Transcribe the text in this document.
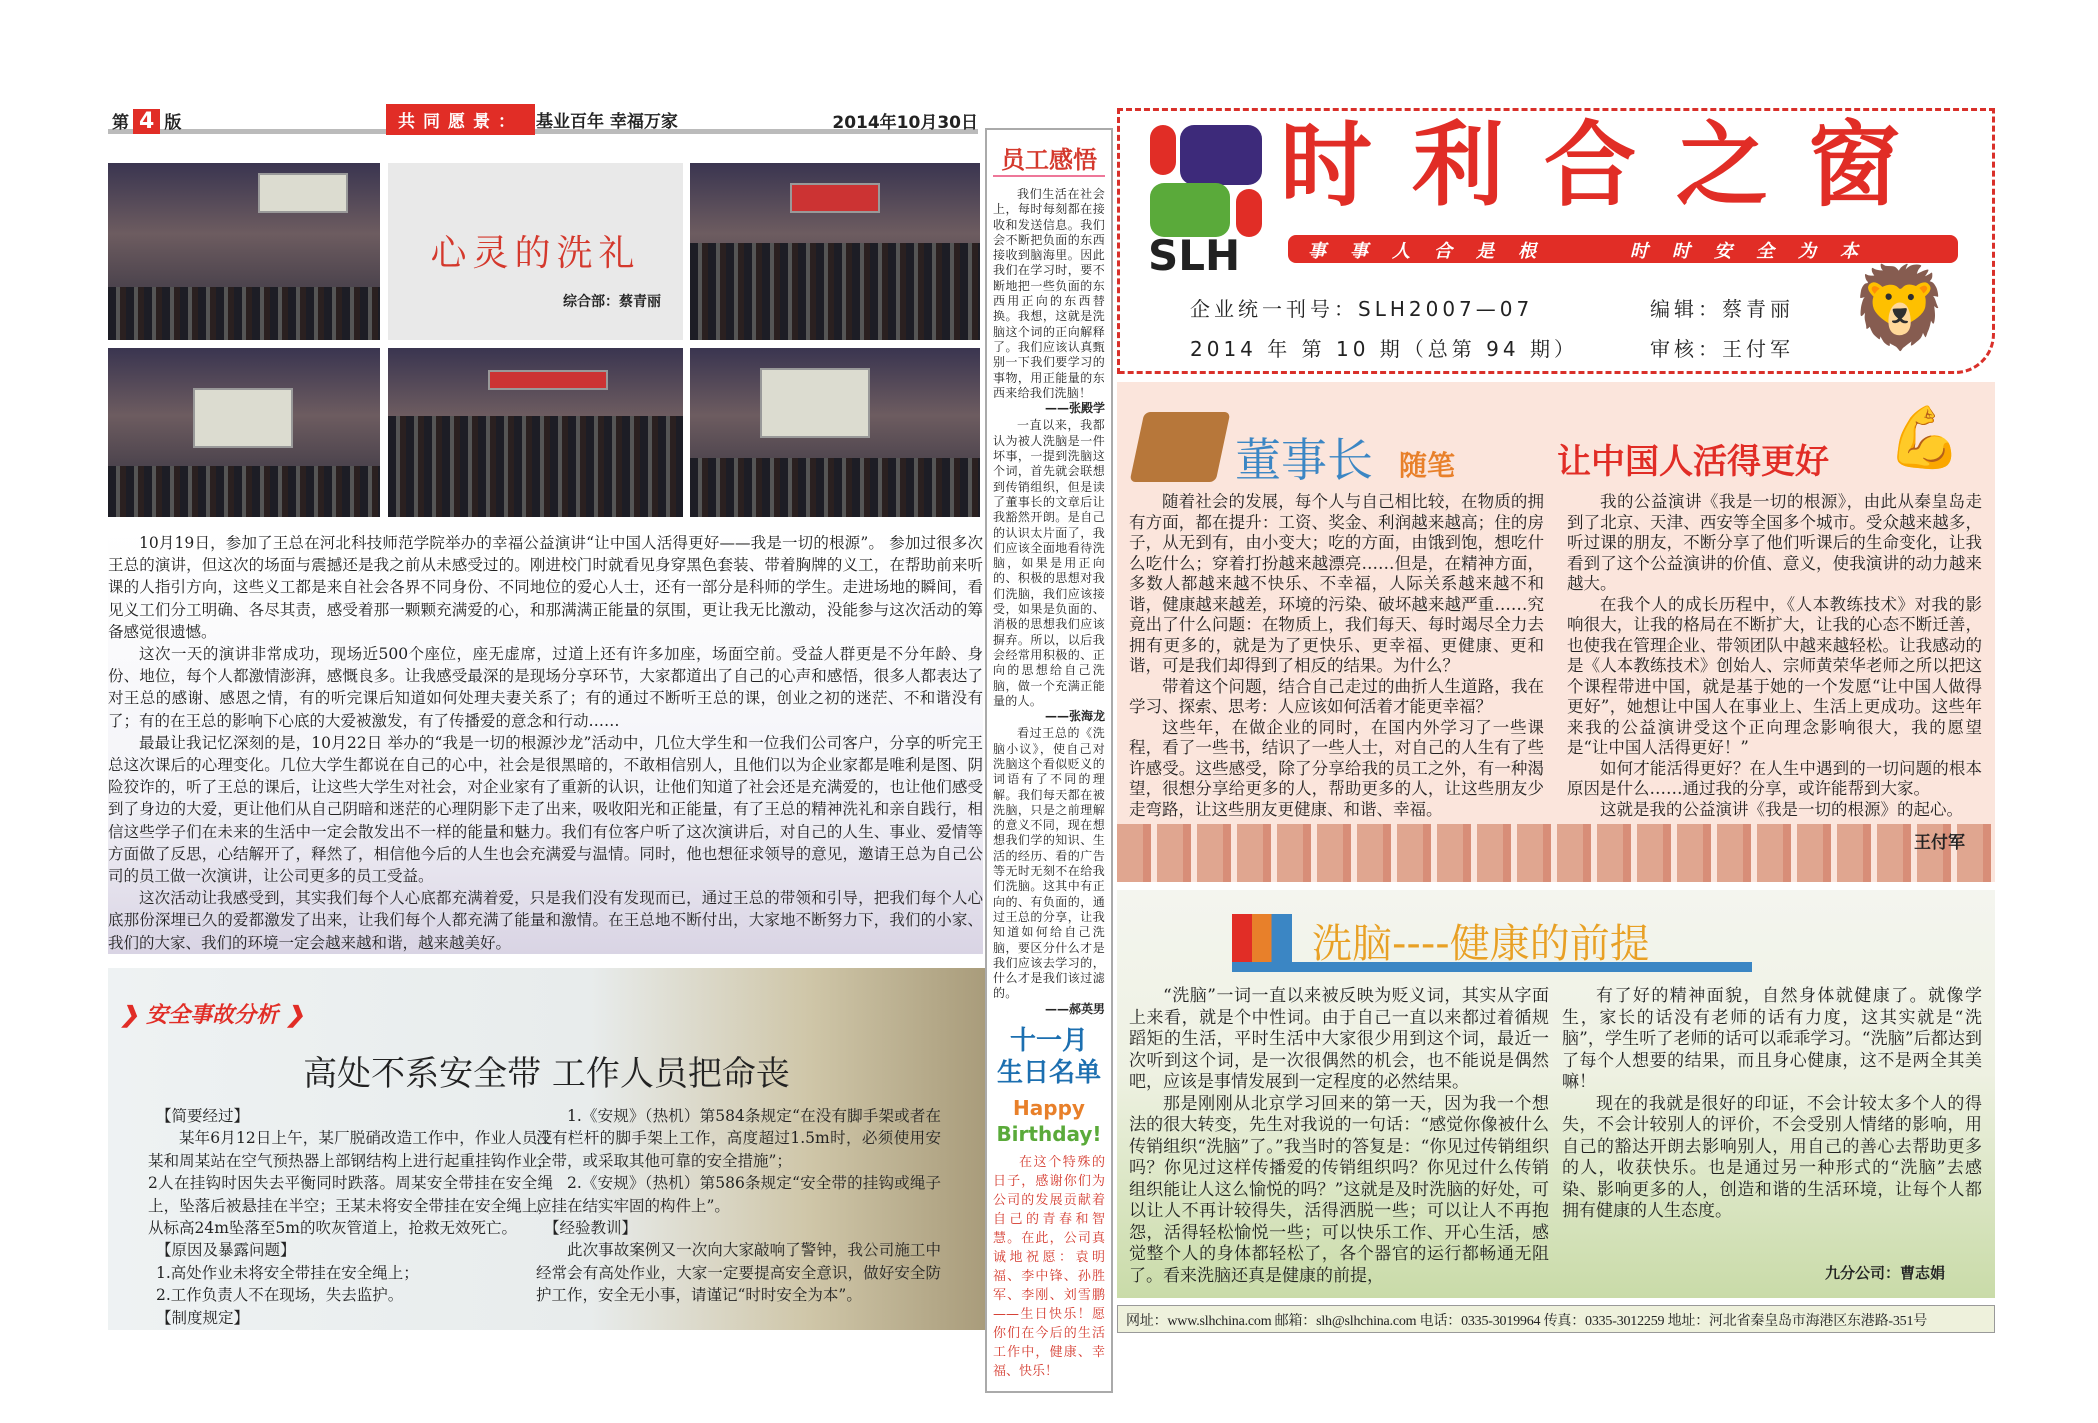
第 4 版	共同愿景： 基业百年 幸福万家	2014年10月30日
心灵的洗礼
综合部：蔡青丽

10月19日，参加了王总在河北科技师范学院举办的幸福公益演讲“让中国人活得更好——我是一切的根源”。 参加过很多次王总的演讲，但这次的场面与震撼还是我之前从未感受过的。刚进校门时就看见身穿黑色套装、带着胸牌的义工，在帮助前来听课的人指引方向，这些义工都是来自社会各界不同身份、不同地位的爱心人士，还有一部分是科师的学生。走进场地的瞬间，看见义工们分工明确、各尽其责，感受着那一颗颗充满爱的心，和那满满正能量的氛围，更让我无比激动，没能参与这次活动的筹备感觉很遗憾。

这次一天的演讲非常成功，现场近500个座位，座无虚席，过道上还有许多加座，场面空前。受益人群更是不分年龄、身份、地位，每个人都激情澎湃，感慨良多。让我感受最深的是现场分享环节，大家都道出了自己的心声和感悟，很多人都表达了对王总的感谢、感恩之情，有的听完课后知道如何处理夫妻关系了；有的通过不断听王总的课，创业之初的迷茫、不和谐没有了；有的在王总的影响下心底的大爱被激发，有了传播爱的意念和行动……

最最让我记忆深刻的是，10月22日 举办的“我是一切的根源沙龙”活动中，几位大学生和一位我们公司客户，分享的听完王总这次课后的心理变化。几位大学生都说在自己的心中，社会是很黑暗的，不敢相信别人，且他们以为企业家都是唯利是图、阴险狡诈的，听了王总的课后，让这些大学生对社会，对企业家有了重新的认识，让他们知道了社会还是充满爱的，也让他们感受到了身边的大爱，更让他们从自己阴暗和迷茫的心理阴影下走了出来，吸收阳光和正能量，有了王总的精神洗礼和亲自践行，相信这些学子们在未来的生活中一定会散发出不一样的能量和魅力。我们有位客户听了这次演讲后，对自己的人生、事业、爱情等方面做了反思，心结解开了，释然了，相信他今后的人生也会充满爱与温情。同时，他也想征求领导的意见，邀请王总为自己公司的员工做一次演讲，让公司更多的员工受益。

这次活动让我感受到，其实我们每个人心底都充满着爱，只是我们没有发现而已，通过王总的带领和引导，把我们每个人心底那份深埋已久的爱都激发了出来，让我们每个人都充满了能量和激情。在王总地不断付出，大家地不断努力下，我们的小家、我们的大家、我们的环境一定会越来越和谐，越来越美好。

❯ 安全事故分析 ❯
高处不系安全带 工作人员把命丧

【简要经过】

某年6月12日上午，某厂脱硝改造工作中，作业人员王某和周某站在空气预热器上部钢结构上进行起重挂钩作业，2人在挂钩时因失去平衡同时跌落。周某安全带挂在安全绳上，坠落后被悬挂在半空；王某未将安全带挂在安全绳上，从标高24m坠落至5m的吹灰管道上，抢救无效死亡。

【原因及暴露问题】

1.高处作业未将安全带挂在安全绳上；

2.工作负责人不在现场，失去监护。

【制度规定】

1.《安规》（热机）第584条规定“在没有脚手架或者在没有栏杆的脚手架上工作，高度超过1.5m时，必须使用安全带，或采取其他可靠的安全措施”；

2.《安规》（热机）第586条规定“安全带的挂钩或绳子应挂在结实牢固的构件上”。

【经验教训】

此次事故案例又一次向大家敲响了警钟，我公司施工中经常会有高处作业，大家一定要提高安全意识，做好安全防护工作，安全无小事，请谨记“时时安全为本”。

员工感悟

我们生活在社会上，每时每刻都在接收和发送信息。我们会不断把负面的东西接收到脑海里。因此我们在学习时，要不断地把一些负面的东西用正向的东西替换。我想，这就是洗脑这个词的正向解释了。我们应该认真甄别一下我们要学习的事物，用正能量的东西来给我们洗脑！

——张殿学

一直以来，我都认为被人洗脑是一件坏事，一提到洗脑这个词，首先就会联想到传销组织，但是读了董事长的文章后让我豁然开朗。是自己的认识太片面了，我们应该全面地看待洗脑，如果是用正向的、积极的思想对我们洗脑，我们应该接受，如果是负面的、消极的思想我们应该摒弃。所以，以后我会经常用积极的、正向的思想给自己洗脑，做一个充满正能量的人。

——张海龙

看过王总的《洗脑小议》，使自己对洗脑这个看似贬义的词语有了不同的理解。我们每天都在被洗脑，只是之前理解的意义不同，现在想想我们学的知识、生活的经历、看的广告等无时无刻不在给我们洗脑。这其中有正向的、有负面的，通过王总的分享，让我知道如何给自己洗脑，要区分什么才是我们应该去学习的，什么才是我们该过滤的。

——郝英男
十一月
生日名单
Happy
Birthday!

在这个特殊的日子，感谢你们为公司的发展贡献着自己的青春和智慧。在此，公司真诚地祝愿：袁明福、李中锋、孙胜军、李刚、刘雪鹏——生日快乐！愿你们在今后的生活工作中，健康、幸福、快乐！

SLH
时利合之窗
事事人合是根	时时安全为本
企业统一刊号：SLH2007—07
2014 年 第 10 期（总第 94 期）
编辑：蔡青丽
审核：王付军 🦁
董事长 随笔	让中国人活得更好 💪

随着社会的发展，每个人与自己相比较，在物质的拥有方面，都在提升：工资、奖金、利润越来越高；住的房子，从无到有，由小变大；吃的方面，由饿到饱，想吃什么吃什么；穿着打扮越来越漂亮……但是，在精神方面，多数人都越来越不快乐、不幸福，人际关系越来越不和谐，健康越来越差，环境的污染、破坏越来越严重……究竟出了什么问题：在物质上，我们每天、每时竭尽全力去拥有更多的，就是为了更快乐、更幸福、更健康、更和谐，可是我们却得到了相反的结果。为什么？

带着这个问题，结合自己走过的曲折人生道路，我在学习、探索、思考：人应该如何活着才能更幸福？

这些年，在做企业的同时，在国内外学习了一些课程，看了一些书，结识了一些人士，对自己的人生有了些许感受。这些感受，除了分享给我的员工之外，有一种渴望，很想分享给更多的人，帮助更多的人，让这些朋友少走弯路，让这些朋友更健康、和谐、幸福。

我的公益演讲《我是一切的根源》，由此从秦皇岛走到了北京、天津、西安等全国多个城市。受众越来越多，听过课的朋友，不断分享了他们听课后的生命变化，让我看到了这个公益演讲的价值、意义，使我演讲的动力越来越大。

在我个人的成长历程中，《人本教练技术》对我的影响很大，让我的格局在不断扩大，让我的心态不断迁善，也使我在管理企业、带领团队中越来越轻松。让我感动的是《人本教练技术》创始人、宗师黄荣华老师之所以把这个课程带进中国，就是基于她的一个发愿“让中国人做得更好”，她想让中国人在事业上、生活上更成功。这些年来我的公益演讲受这个正向理念影响很大，我的愿望是“让中国人活得更好！”

如何才能活得更好？在人生中遇到的一切问题的根本原因是什么……通过我的分享，或许能帮到大家。

这就是我的公益演讲《我是一切的根源》的起心。

王付军
洗脑----健康的前提

“洗脑”一词一直以来被反映为贬义词，其实从字面上来看，就是个中性词。由于自己一直以来都过着循规蹈矩的生活，平时生活中大家很少用到这个词，最近一次听到这个词，是一次很偶然的机会，也不能说是偶然吧，应该是事情发展到一定程度的必然结果。

那是刚刚从北京学习回来的第一天，因为我一个想法的很大转变，先生对我说的一句话：“感觉你像被什么传销组织“洗脑”了。”我当时的答复是：“你见过传销组织吗？你见过这样传播爱的传销组织吗？你见过什么传销组织能让人这么愉悦的吗？”这就是及时洗脑的好处，可以让人不再计较得失，活得洒脱一些；可以让人不再抱怨，活得轻松愉悦一些；可以快乐工作、开心生活，感觉整个人的身体都轻松了，各个器官的运行都畅通无阻了。看来洗脑还真是健康的前提，

有了好的精神面貌，自然身体就健康了。就像学生，家长的话没有老师的话有力度，这其实就是“洗脑”，学生听了老师的话可以乖乖学习。“洗脑”后都达到了每个人想要的结果，而且身心健康，这不是两全其美嘛！

现在的我就是很好的印证，不会计较太多个人的得失，不会计较别人的评价，不会受别人情绪的影响，用自己的豁达开朗去影响别人，用自己的善心去帮助更多的人，收获快乐。也是通过另一种形式的“洗脑”去感染、影响更多的人，创造和谐的生活环境，让每个人都拥有健康的人生态度。

九分公司：曹志娟
网址：www.slhchina.com 邮箱：slh@slhchina.com 电话：0335-3019964 传真：0335-3012259 地址：河北省秦皇岛市海港区东港路-351号
